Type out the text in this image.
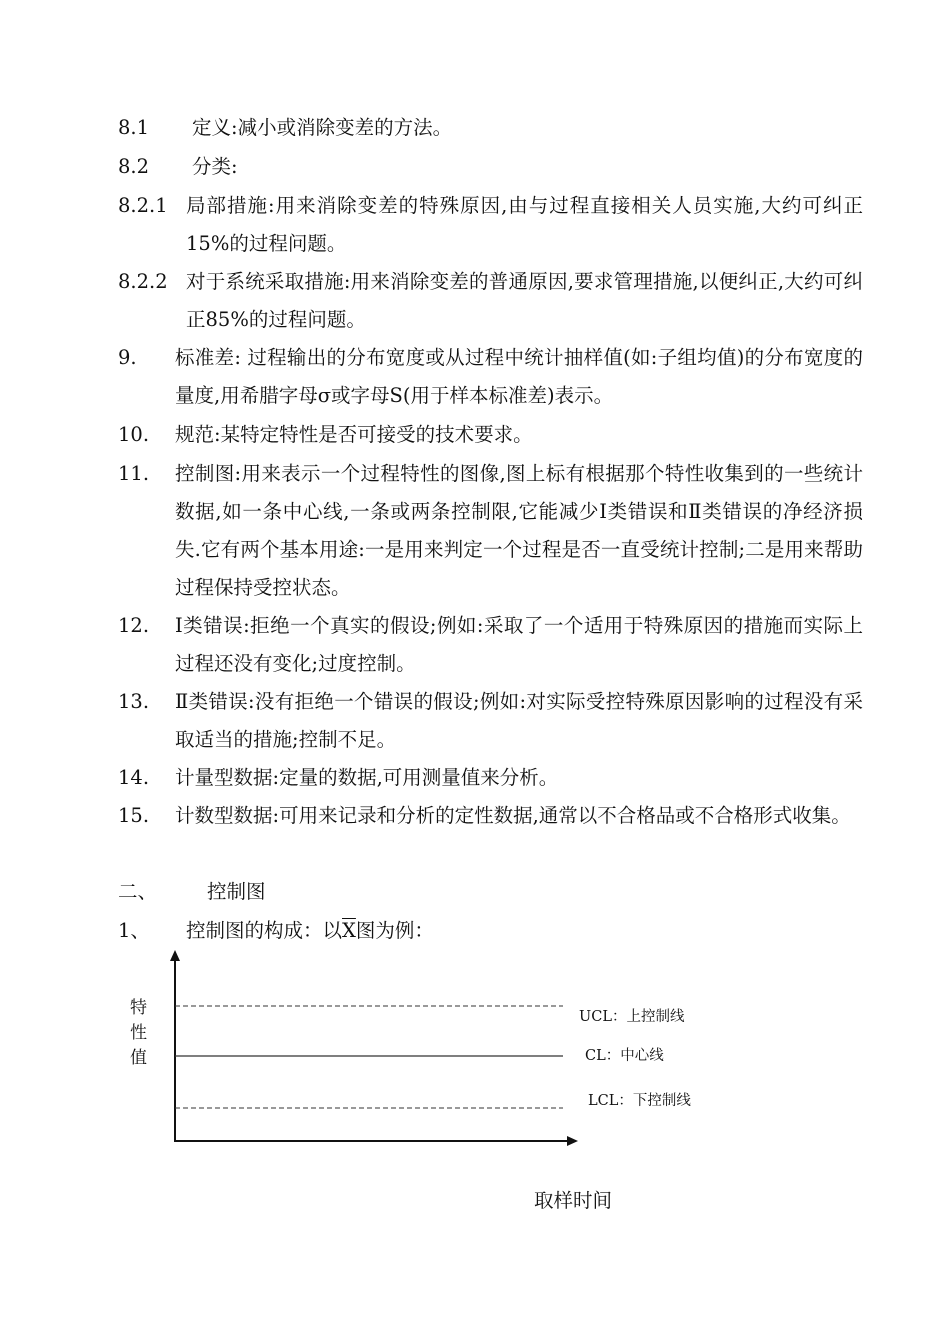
8.1	定义:减小或消除变差的方法。
8.2	分类:
8.2.1 局部措施:用来消除变差的特殊原因,由与过程直接相关人员实施,大约可纠正15%的过程问题。
8.2.2 对于系统采取措施:用来消除变差的普通原因,要求管理措施,以便纠正,大约可纠正85%的过程问题。
9.	标准差: 过程输出的分布宽度或从过程中统计抽样值(如:子组均值)的分布宽度的量度,用希腊字母σ或字母S(用于样本标准差)表示。
10.	规范:某特定特性是否可接受的技术要求。
11.	控制图:用来表示一个过程特性的图像,图上标有根据那个特性收集到的一些统计数据,如一条中心线,一条或两条控制限,它能减少Ⅰ类错误和Ⅱ类错误的净经济损失.它有两个基本用途:一是用来判定一个过程是否一直受统计控制;二是用来帮助过程保持受控状态。
12.	Ⅰ类错误:拒绝一个真实的假设;例如:采取了一个适用于特殊原因的措施而实际上过程还没有变化;过度控制。
13.	Ⅱ类错误:没有拒绝一个错误的假设;例如:对实际受控特殊原因影响的过程没有采取适当的措施;控制不足。
14.	计量型数据:定量的数据,可用测量值来分析。
15.	计数型数据:可用来记录和分析的定性数据,通常以不合格品或不合格形式收集。
二、	控制图
1、 控制图的构成：以$\overline{X}$图为例：
特
性
值
UCL：上控制线
CL：中心线
LCL：下控制线
取样时间
